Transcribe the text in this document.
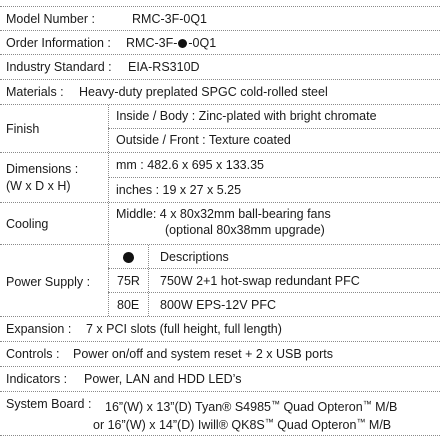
Model Number :	RMC-3F-0Q1
Order Information : RMC-3F- -0Q1
Industry Standard : EIA-RS310D
Materials : Heavy-duty preplated SPGC cold-rolled steel
Finish
Inside / Body : Zinc-plated with bright chromate
Outside / Front : Texture coated
Dimensions :
(W x D x H)
mm : 482.6 x 695 x 133.35
inches : 19 x 27 x 5.25
Cooling
Middle: 4 x 80x32mm ball-bearing fans
(optional 80x38mm upgrade)
Power Supply :
Descriptions
75R 750W 2+1 hot-swap redundant PFC
80E 800W EPS-12V PFC
Expansion : 7 x PCI slots (full height, full length)
Controls : Power on/off and system reset + 2 x USB ports
Indicators : Power, LAN and HDD LED’s
System Board : 16”(W) x 13”(D) Tyan® S4985™ Quad Opteron™ M/B
or 16”(W) x 14”(D) Iwill® QK8S™ Quad Opteron™ M/B
